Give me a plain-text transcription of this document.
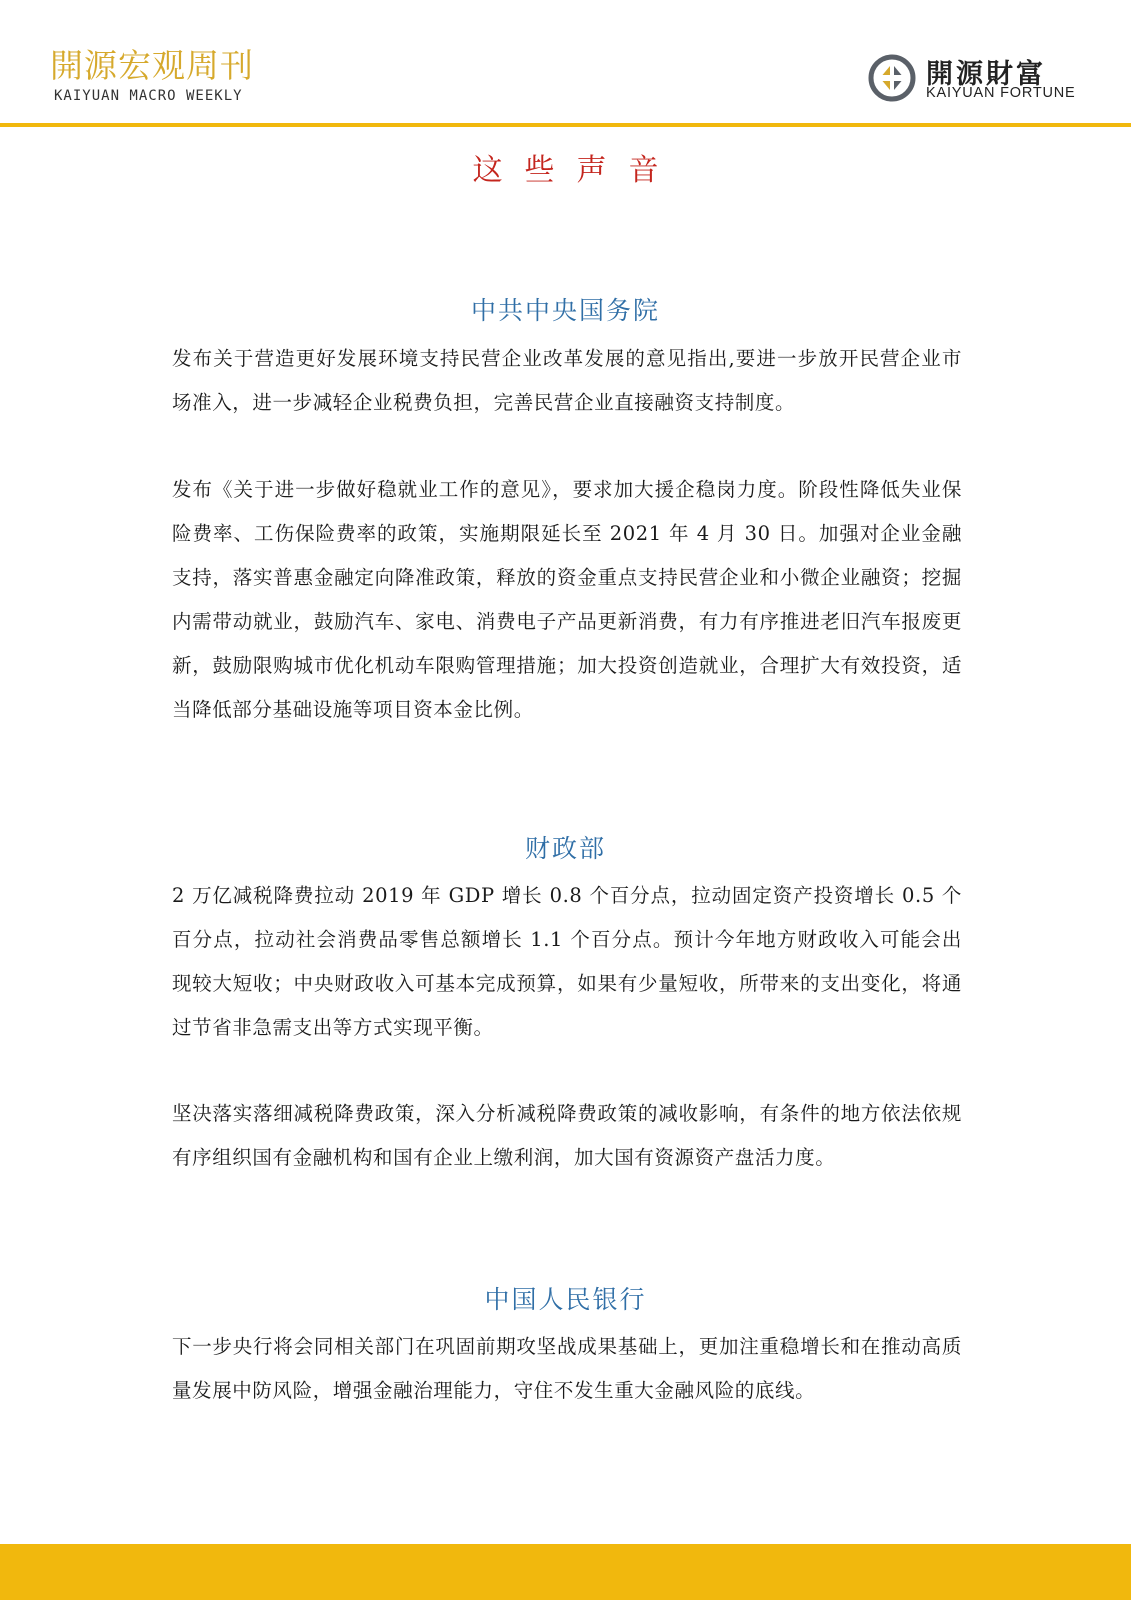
開源宏观周刊
KAIYUAN MACRO WEEKLY
開源財富
KAIYUAN FORTUNE
这些声音
中共中央国务院

发布关于营造更好发展环境支持民营企业改革发展的意见指出,要进一步放开民营企业市场准入，进一步减轻企业税费负担，完善民营企业直接融资支持制度。

发布《关于进一步做好稳就业工作的意见》，要求加大援企稳岗力度。阶段性降低失业保险费率、工伤保险费率的政策，实施期限延长至 2021 年 4 月 30 日。加强对企业金融支持，落实普惠金融定向降准政策，释放的资金重点支持民营企业和小微企业融资；挖掘内需带动就业，鼓励汽车、家电、消费电子产品更新消费，有力有序推进老旧汽车报废更新，鼓励限购城市优化机动车限购管理措施；加大投资创造就业，合理扩大有效投资，适当降低部分基础设施等项目资本金比例。

财政部

2 万亿减税降费拉动 2019 年 GDP 增长 0.8 个百分点，拉动固定资产投资增长 0.5 个百分点，拉动社会消费品零售总额增长 1.1 个百分点。预计今年地方财政收入可能会出现较大短收；中央财政收入可基本完成预算，如果有少量短收，所带来的支出变化，将通过节省非急需支出等方式实现平衡。

坚决落实落细减税降费政策，深入分析减税降费政策的减收影响，有条件的地方依法依规有序组织国有金融机构和国有企业上缴利润，加大国有资源资产盘活力度。

中国人民银行

下一步央行将会同相关部门在巩固前期攻坚战成果基础上，更加注重稳增长和在推动高质量发展中防风险，增强金融治理能力，守住不发生重大金融风险的底线。
